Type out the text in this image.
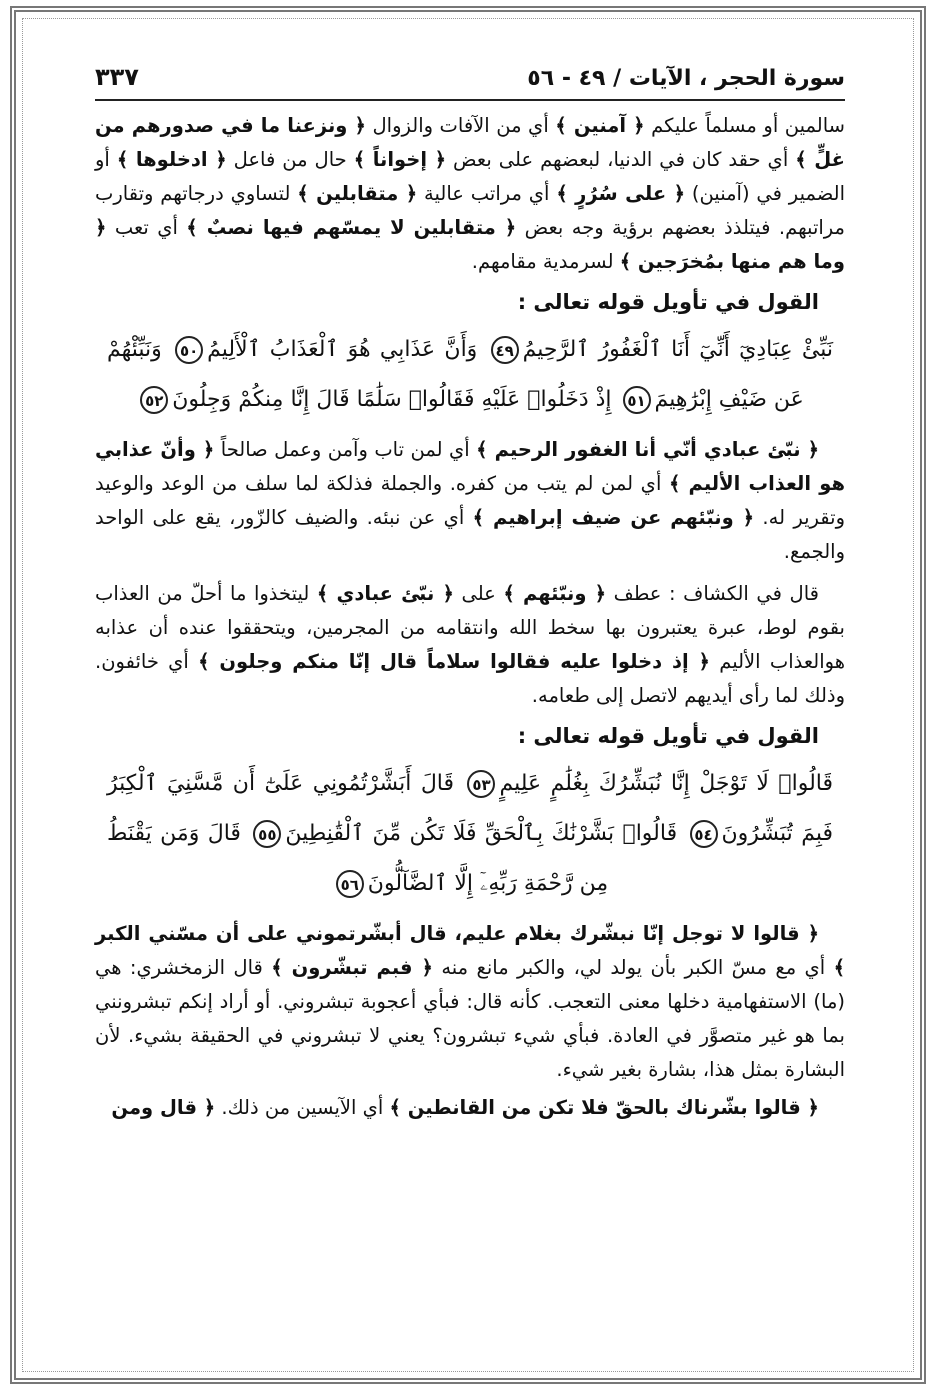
سورة الحجر ، الآيات / ٤٩ - ٥٦
٣٣٧

سالمين أو مسلماً عليكم ﴿ آمنين ﴾ أي من الآفات والزوال ﴿ ونزعنا ما في صدورهم من غلٍّ ﴾ أي حقد كان في الدنيا، لبعضهم على بعض ﴿ إخواناً ﴾ حال من فاعل ﴿ ادخلوها ﴾ أو الضمير في (آمنين) ﴿ على سُرُرٍ ﴾ أي مراتب عالية ﴿ متقابلين ﴾ لتساوي درجاتهم وتقارب مراتبهم. فيتلذذ بعضهم برؤية وجه بعض ﴿ متقابلين لا يمسّهم فيها نصبٌ ﴾ أي تعب ﴿ وما هم منها بمُخرَجين ﴾ لسرمدية مقامهم.

القول في تأويل قوله تعالى :
نَبِّئْ عِبَادِيٓ أَنِّيٓ أَنَا ٱلْغَفُورُ ٱلرَّحِيمُ٤٩ وَأَنَّ عَذَابِي هُوَ ٱلْعَذَابُ ٱلْأَلِيمُ٥٠ وَنَبِّئْهُمْ عَن ضَيْفِ إِبْرَٰهِيمَ٥١ إِذْ دَخَلُوا۟ عَلَيْهِ فَقَالُوا۟ سَلَٰمًا قَالَ إِنَّا مِنكُمْ وَجِلُونَ٥٢

﴿ نبّئ عبادي أنّي أنا الغفور الرحيم ﴾ أي لمن تاب وآمن وعمل صالحاً ﴿ وأنّ عذابي هو العذاب الأليم ﴾ أي لمن لم يتب من كفره. والجملة فذلكة لما سلف من الوعد والوعيد وتقرير له. ﴿ ونبّئهم عن ضيف إبراهيم ﴾ أي عن نبئه. والضيف كالزّور، يقع على الواحد والجمع.

قال في الكشاف : عطف ﴿ ونبّئهم ﴾ على ﴿ نبّئ عبادي ﴾ ليتخذوا ما أحلّ من العذاب بقوم لوط، عبرة يعتبرون بها سخط الله وانتقامه من المجرمين، ويتحققوا عنده أن عذابه هوالعذاب الأليم ﴿ إذ دخلوا عليه فقالوا سلاماً قال إنّا منكم وجلون ﴾ أي خائفون. وذلك لما رأى أيديهم لاتصل إلى طعامه.

القول في تأويل قوله تعالى :
قَالُوا۟ لَا تَوْجَلْ إِنَّا نُبَشِّرُكَ بِغُلَٰمٍ عَلِيمٍ٥٣ قَالَ أَبَشَّرْتُمُونِي عَلَىٰٓ أَن مَّسَّنِيَ ٱلْكِبَرُ فَبِمَ تُبَشِّرُونَ٥٤ قَالُوا۟ بَشَّرْنَٰكَ بِٱلْحَقِّ فَلَا تَكُن مِّنَ ٱلْقَٰنِطِينَ٥٥ قَالَ وَمَن يَقْنَطُ مِن رَّحْمَةِ رَبِّهِۦٓ إِلَّا ٱلضَّآلُّونَ٥٦

﴿ قالوا لا توجل إنّا نبشّرك بغلام عليم، قال أبشّرتموني على أن مسّني الكبر ﴾ أي مع مسّ الكبر بأن يولد لي، والكبر مانع منه ﴿ فبم تبشّرون ﴾ قال الزمخشري: هي (ما) الاستفهامية دخلها معنى التعجب. كأنه قال: فبأي أعجوبة تبشروني. أو أراد إنكم تبشرونني بما هو غير متصوَّر في العادة. فبأي شيء تبشرون؟ يعني لا تبشروني في الحقيقة بشيء. لأن البشارة بمثل هذا، بشارة بغير شيء.

﴿ قالوا بشّرناك بالحقّ فلا تكن من القانطين ﴾ أي الآيسين من ذلك. ﴿ قال ومن
